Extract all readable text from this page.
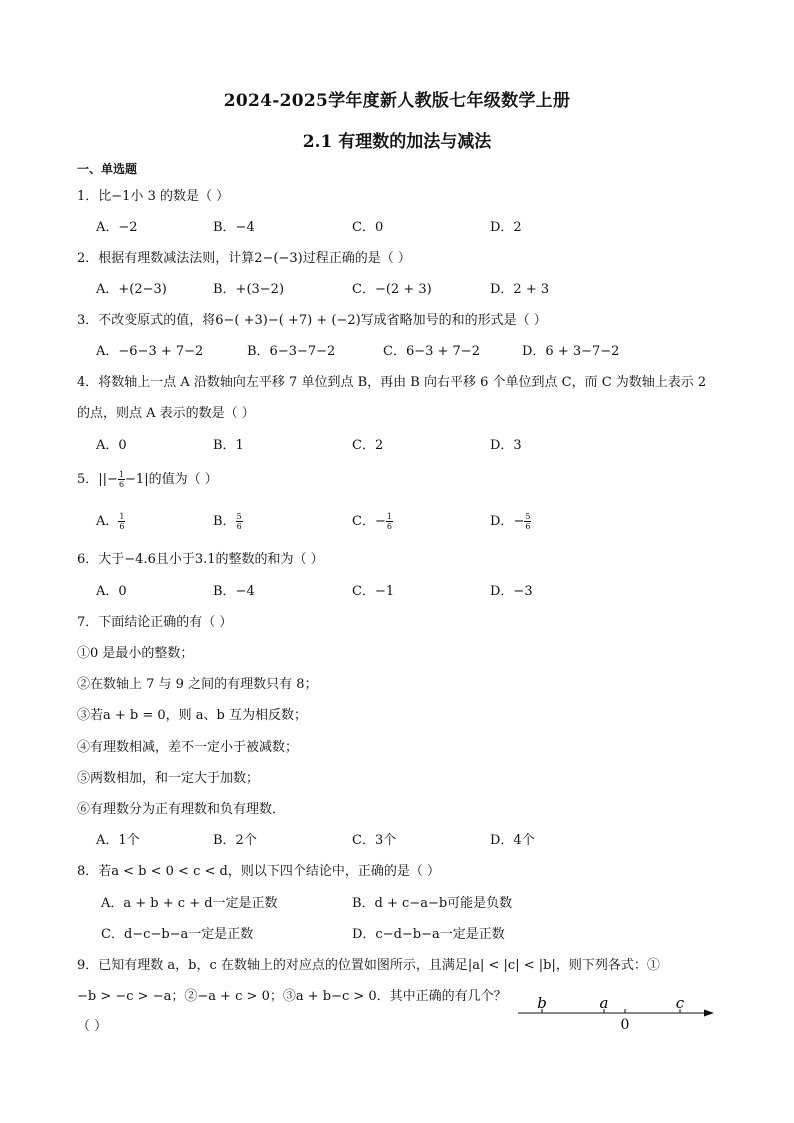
2024-2025学年度新人教版七年级数学上册
2.1 有理数的加法与减法
一、单选题
1．比−1小 3 的数是（ ）
A．−2	B．−4	C．0	D．2
2．根据有理数减法法则，计算2−(−3)过程正确的是（ ）
A．+(2−3)	B．+(3−2)	C．−(2 + 3)	D．2 + 3
3．不改变原式的值，将6−( +3)−( +7) + (−2)写成省略加号的和的形式是（ ）
A．−6−3 + 7−2	B．6−3−7−2	C．6−3 + 7−2	D．6 + 3−7−2
4．将数轴上一点 A 沿数轴向左平移 7 单位到点 B，再由 B 向右平移 6 个单位到点 C，而 C 为数轴上表示 2
的点，则点 A 表示的数是（ ）
A．0	B．1	C．2	D．3
5．||− $\frac{1}{6} -1|$的值为（ ）
A． $\frac{1}{6}$	B． $\frac{5}{6}$	C．− $\frac{1}{6}$	D．− $\frac{5}{6}$
6．大于−4.6且小于3.1的整数的和为（ ）
A．0	B．−4	C．−1	D．−3
7．下面结论正确的有（ ）
①0 是最小的整数；
②在数轴上 7 与 9 之间的有理数只有 8；
③若a + b = 0，则 a、b 互为相反数；
④有理数相减，差不一定小于被减数；
⑤两数相加，和一定大于加数；
⑥有理数分为正有理数和负有理数．
A．1个	B．2个	C．3个	D．4个
8．若a < b < 0 < c < d，则以下四个结论中，正确的是（ ）
A．a + b + c + d一定是正数	B．d + c−a−b可能是负数
C．d−c−b−a一定是正数	D．c−d−b−a一定是正数
9．已知有理数 a，b，c 在数轴上的对应点的位置如图所示，且满足|a| < |c| < |b|，则下列各式：①
−b > −c > −a；②−a + c > 0；③a + b−c > 0．其中正确的有几个？
（ ）
b	a	c
0
